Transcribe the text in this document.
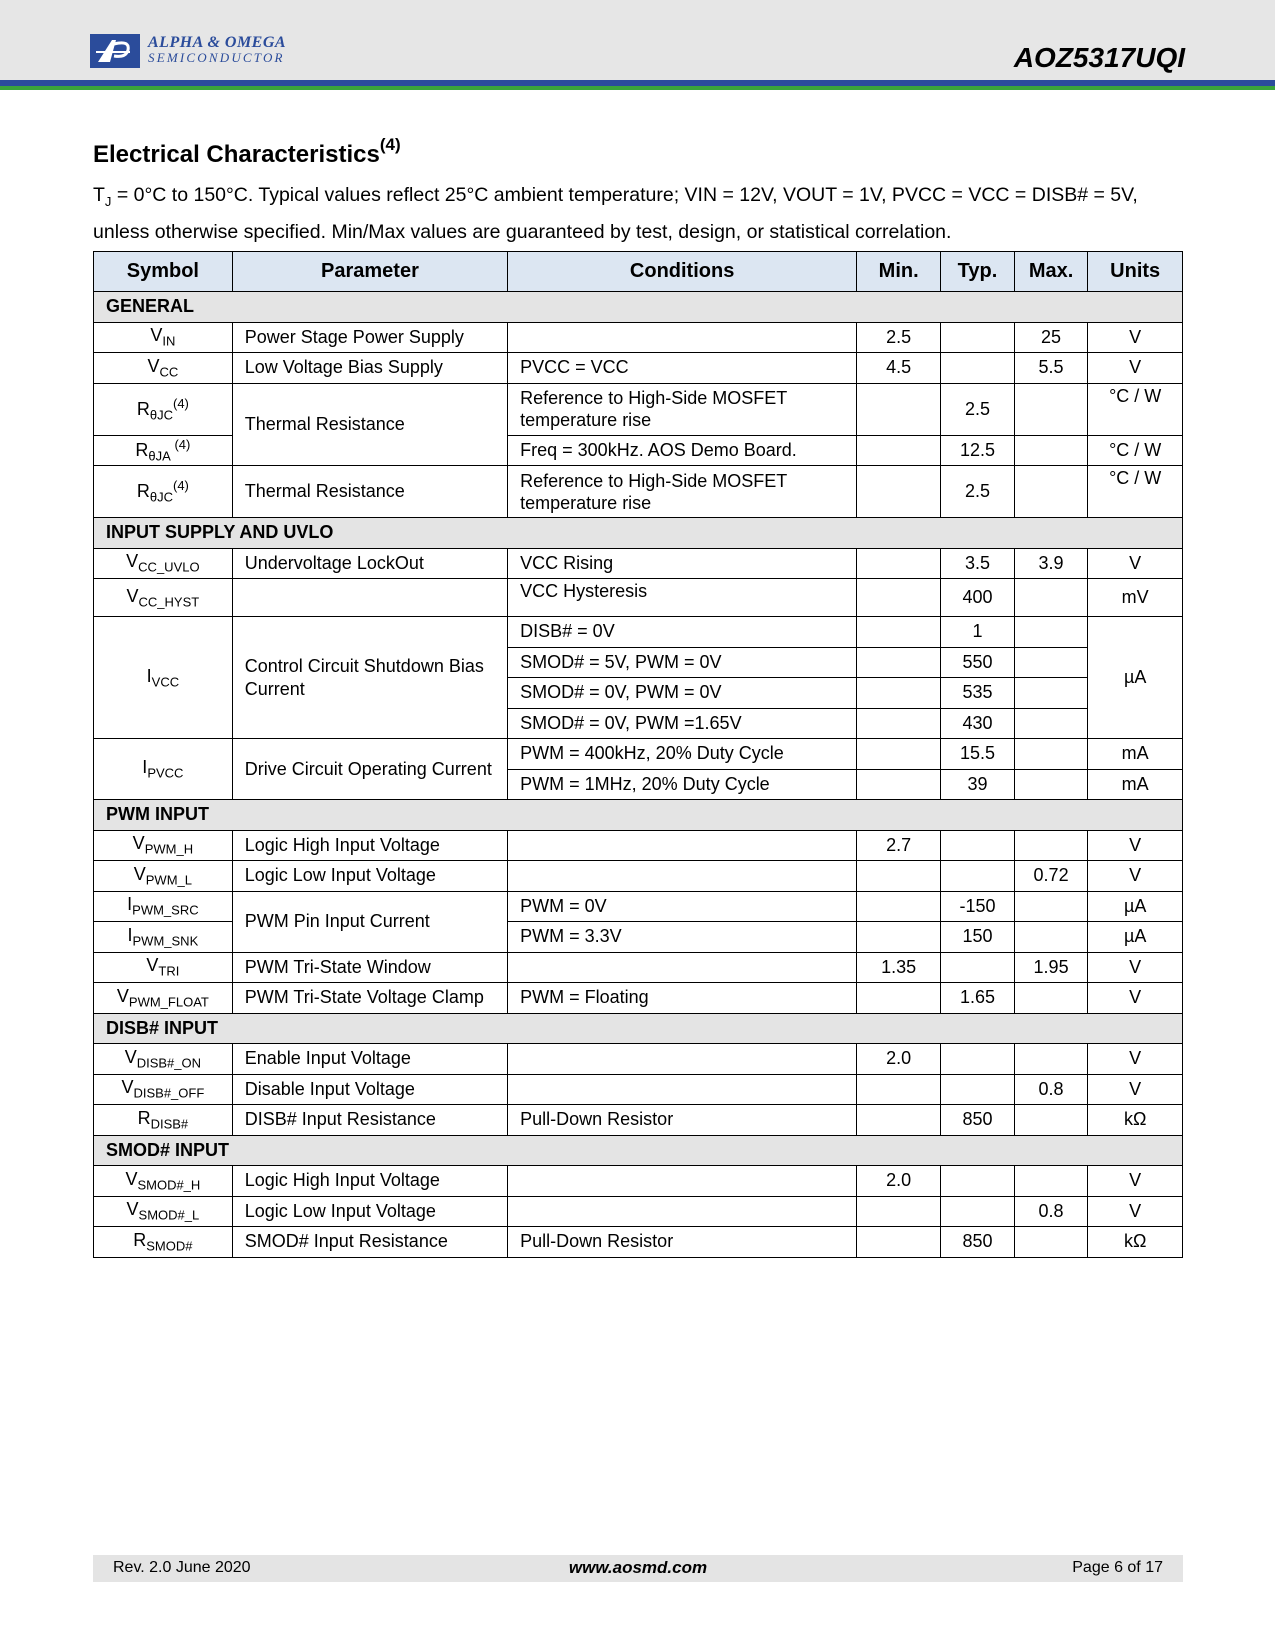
ALPHA & OMEGA
SEMICONDUCTOR	AOZ5317UQI
Electrical Characteristics$^{(4)}$
$T_J = 0^\circ C$ to 150°C. Typical values reflect 25°C ambient temperature; VIN = 12V, VOUT = 1V, PVCC = VCC = DISB# = 5V, unless otherwise specified. Min/Max values are guaranteed by test, design, or statistical correlation.
Symbol	Parameter	Conditions	Min.	Typ.	Max.	Units
GENERAL						
$V_{IN}$	Power Stage Power Supply		2.5		25	V
$V_{CC}$	Low Voltage Bias Supply	PVCC = VCC	4.5		5.5	V
$R_{\theta JC}^{(4)}$	Thermal Resistance	Reference to High-Side MOSFET temperature rise		2.5		°C / W
$R_{\theta JA}$ $^{(4)}$		Freq = 300kHz. AOS Demo Board.		12.5		°C / W
$R_{\theta JC}^{(4)}$	Thermal Resistance	Reference to High-Side MOSFET temperature rise		2.5		°C / W
INPUT SUPPLY AND UVLO						
$V_{CC\_UVLO}$	Undervoltage LockOut	VCC Rising		3.5	3.9	V
$V_{CC\_HYST}$		VCC Hysteresis		400		mV
$I_{VCC}$	Control Circuit Shutdown Bias Current	DISB# = 0V		1		µA
		SMOD# = 5V, PWM = 0V		550		
		SMOD# = 0V, PWM = 0V		535		
		SMOD# = 0V, PWM =1.65V		430		
$I_{PVCC}$	Drive Circuit Operating Current	PWM = 400kHz, 20% Duty Cycle		15.5		mA
		PWM = 1MHz, 20% Duty Cycle		39		mA
PWM INPUT						
$V_{PWM\_H}$	Logic High Input Voltage		2.7			V
$V_{PWM\_L}$	Logic Low Input Voltage				0.72	V
$I_{PWM\_SRC}$	PWM Pin Input Current	PWM = 0V		-150		µA
$I_{PWM\_SNK}$		PWM = 3.3V		150		µA
$V_{TRI}$	PWM Tri-State Window		1.35		1.95	V
$V_{PWM\_FLOAT}$	PWM Tri-State Voltage Clamp	PWM = Floating		1.65		V
DISB# INPUT						
$V_{DISB\#\_ON}$	Enable Input Voltage		2.0			V
$V_{DISB\#\_OFF}$	Disable Input Voltage				0.8	V
$R_{DISB\#}$	DISB# Input Resistance	Pull-Down Resistor		850		kΩ
SMOD# INPUT						
$V_{SMOD\#\_H}$	Logic High Input Voltage		2.0			V
$V_{SMOD\#\_L}$	Logic Low Input Voltage				0.8	V
$R_{SMOD\#}$	SMOD# Input Resistance	Pull-Down Resistor		850		kΩ
Rev. 2.0 June 2020	www.aosmd.com	Page 6 of 17
